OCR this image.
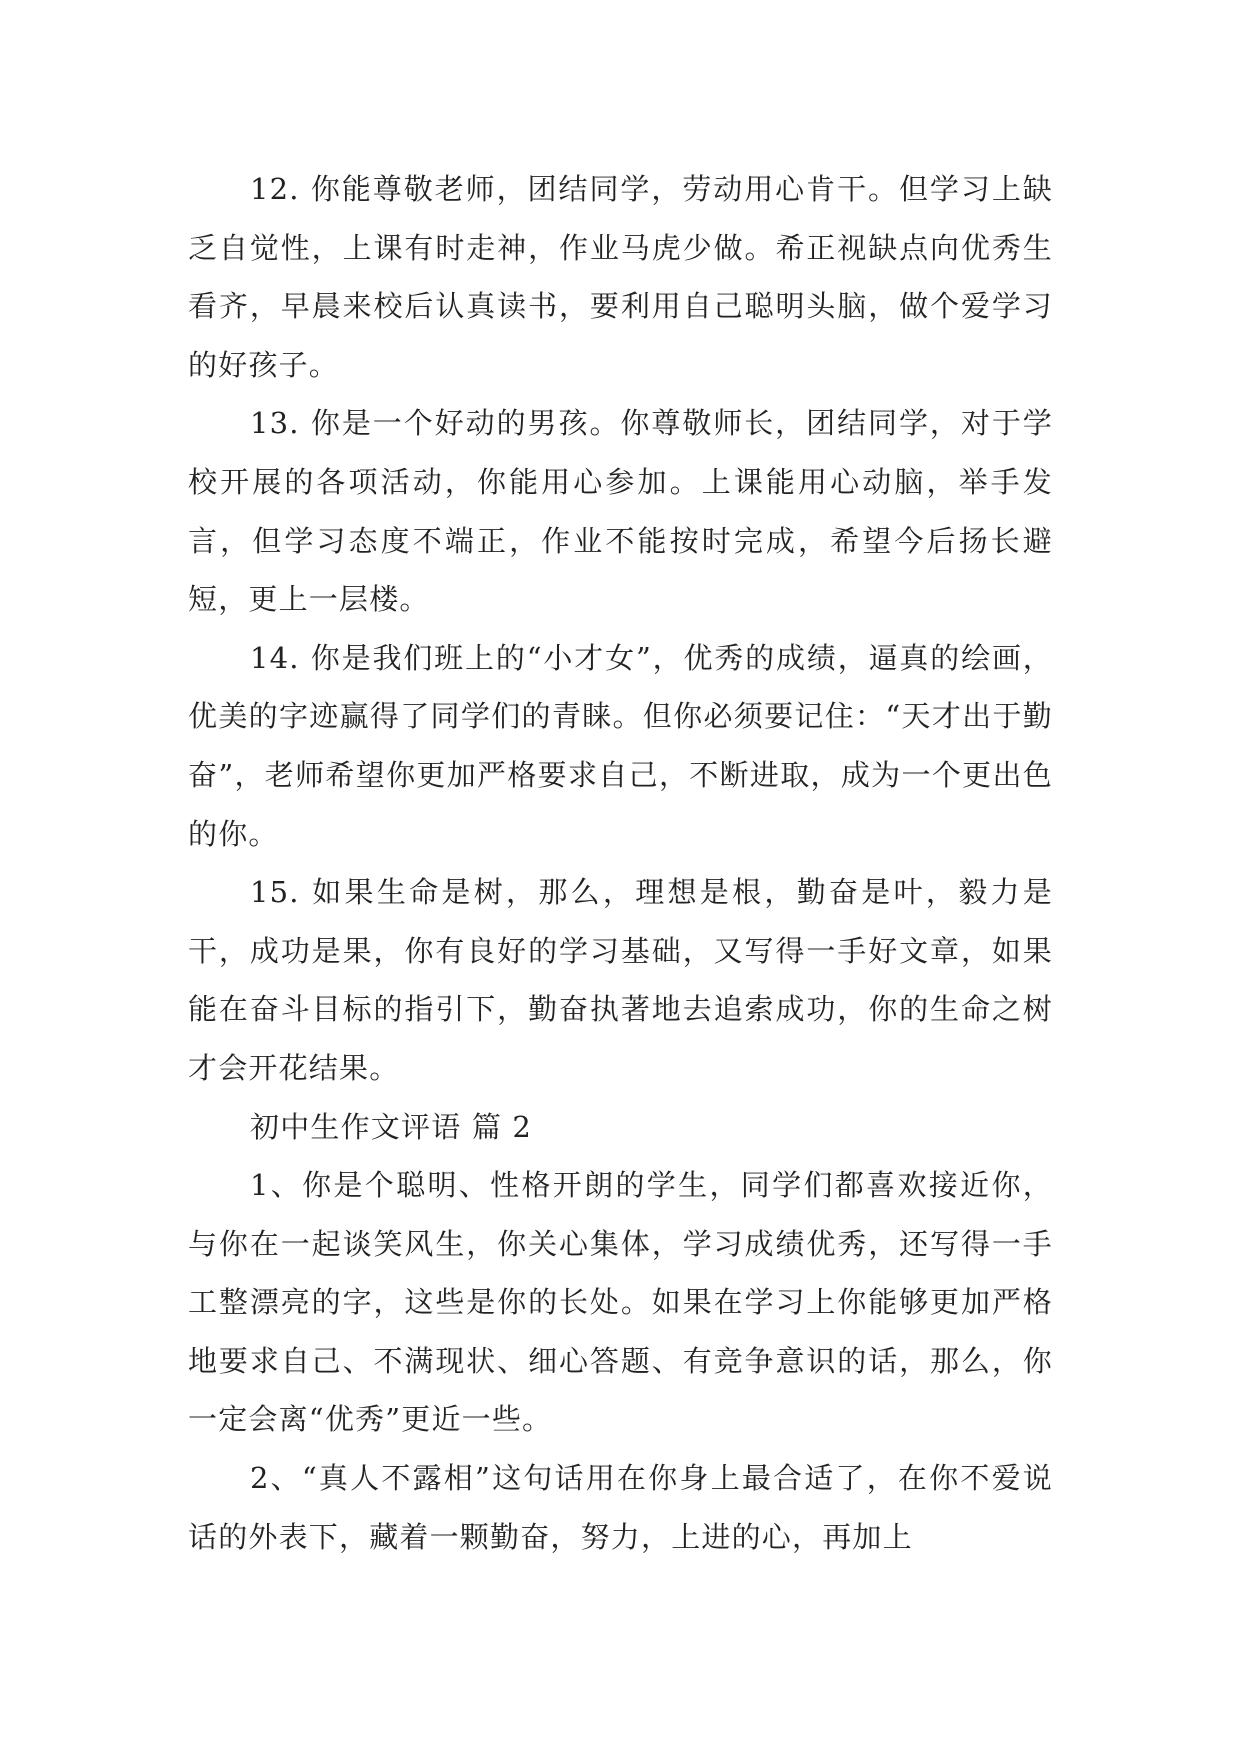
12. 你能尊敬老师，团结同学，劳动用心肯干。但学习上缺乏自觉性，上课有时走神，作业马虎少做。希正视缺点向优秀生看齐，早晨来校后认真读书，要利用自己聪明头脑，做个爱学习的好孩子。

13. 你是一个好动的男孩。你尊敬师长，团结同学，对于学校开展的各项活动，你能用心参加。上课能用心动脑，举手发言，但学习态度不端正，作业不能按时完成，希望今后扬长避短，更上一层楼。

14. 你是我们班上的“小才女”，优秀的成绩，逼真的绘画，优美的字迹赢得了同学们的青睐。但你必须要记住：“天才出于勤奋”，老师希望你更加严格要求自己，不断进取，成为一个更出色的你。

15. 如果生命是树，那么，理想是根，勤奋是叶，毅力是干，成功是果，你有良好的学习基础，又写得一手好文章，如果能在奋斗目标的指引下，勤奋执著地去追索成功，你的生命之树才会开花结果。

初中生作文评语 篇 2

1、你是个聪明、性格开朗的学生，同学们都喜欢接近你，与你在一起谈笑风生，你关心集体，学习成绩优秀，还写得一手工整漂亮的字，这些是你的长处。如果在学习上你能够更加严格地要求自己、不满现状、细心答题、有竞争意识的话，那么，你一定会离“优秀”更近一些。

2、“真人不露相”这句话用在你身上最合适了，在你不爱说话的外表下，藏着一颗勤奋，努力，上进的心，再加上
